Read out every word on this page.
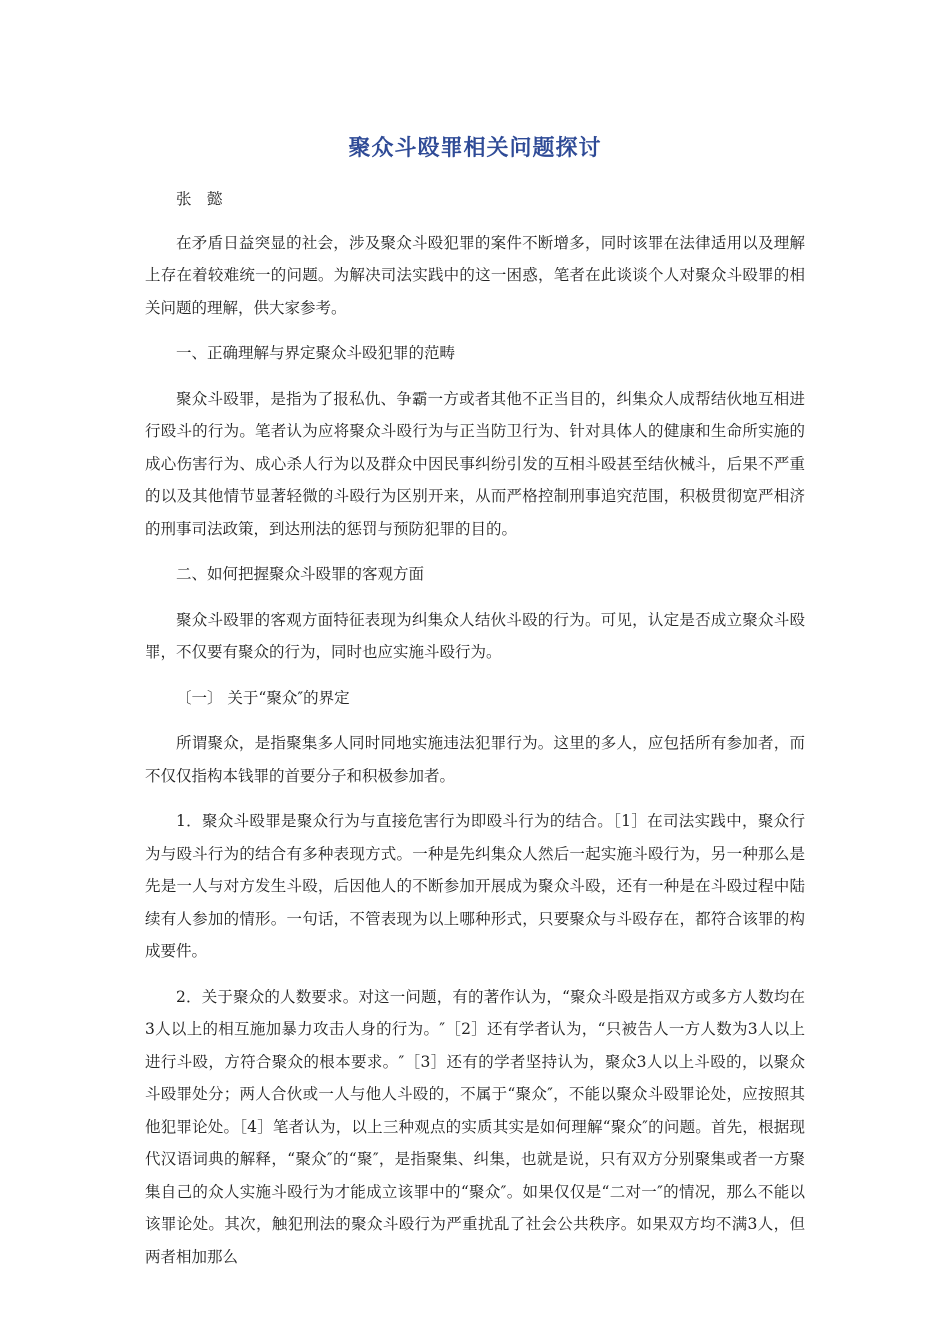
聚众斗殴罪相关问题探讨

张　懿

在矛盾日益突显的社会，涉及聚众斗殴犯罪的案件不断增多，同时该罪在法律适用以及理解上存在着较难统一的问题。为解决司法实践中的这一困惑，笔者在此谈谈个人对聚众斗殴罪的相关问题的理解，供大家参考。

一、正确理解与界定聚众斗殴犯罪的范畴

聚众斗殴罪，是指为了报私仇、争霸一方或者其他不正当目的，纠集众人成帮结伙地互相进行殴斗的行为。笔者认为应将聚众斗殴行为与正当防卫行为、针对具体人的健康和生命所实施的成心伤害行为、成心杀人行为以及群众中因民事纠纷引发的互相斗殴甚至结伙械斗，后果不严重的以及其他情节显著轻微的斗殴行为区别开来，从而严格控制刑事追究范围，积极贯彻宽严相济的刑事司法政策，到达刑法的惩罚与预防犯罪的目的。

二、如何把握聚众斗殴罪的客观方面

聚众斗殴罪的客观方面特征表现为纠集众人结伙斗殴的行为。可见，认定是否成立聚众斗殴罪，不仅要有聚众的行为，同时也应实施斗殴行为。

〔一〕 关于“聚众″的界定

所谓聚众，是指聚集多人同时同地实施违法犯罪行为。这里的多人，应包括所有参加者，而不仅仅指构本钱罪的首要分子和积极参加者。

1．聚众斗殴罪是聚众行为与直接危害行为即殴斗行为的结合。［1］在司法实践中，聚众行为与殴斗行为的结合有多种表现方式。一种是先纠集众人然后一起实施斗殴行为，另一种那么是先是一人与对方发生斗殴，后因他人的不断参加开展成为聚众斗殴，还有一种是在斗殴过程中陆续有人参加的情形。一句话，不管表现为以上哪种形式，只要聚众与斗殴存在，都符合该罪的构成要件。

2．关于聚众的人数要求。对这一问题，有的著作认为，“聚众斗殴是指双方或多方人数均在3人以上的相互施加暴力攻击人身的行为。″［2］还有学者认为，“只被告人一方人数为3人以上进行斗殴，方符合聚众的根本要求。″［3］还有的学者坚持认为，聚众3人以上斗殴的，以聚众斗殴罪处分；两人合伙或一人与他人斗殴的，不属于“聚众″，不能以聚众斗殴罪论处，应按照其他犯罪论处。［4］笔者认为，以上三种观点的实质其实是如何理解“聚众″的问题。首先，根据现代汉语词典的解释，“聚众″的“聚″，是指聚集、纠集，也就是说，只有双方分别聚集或者一方聚集自己的众人实施斗殴行为才能成立该罪中的“聚众″。如果仅仅是“二对一″的情况，那么不能以该罪论处。其次，触犯刑法的聚众斗殴行为严重扰乱了社会公共秩序。如果双方均不满3人，但两者相加那么
